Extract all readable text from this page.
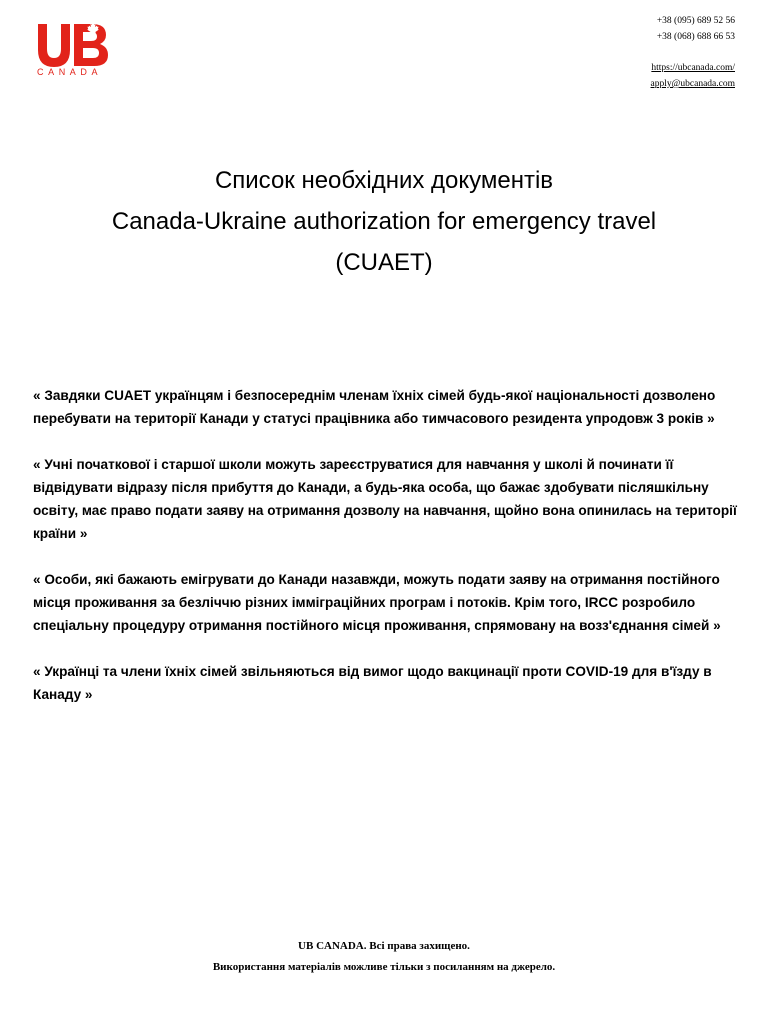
CANADA
+38 (095) 689 52 56
+38 (068) 688 66 53
https://ubcanada.com/
apply@ubcanada.com
Список необхідних документів
Canada-Ukraine authorization for emergency travel
(CUAET)

« Завдяки CUAET українцям і безпосереднім членам їхніх сімей будь-якої національності дозволено перебувати на території Канади у статусі працівника або тимчасового резидента упродовж 3 років »

« Учні початкової і старшої школи можуть зареєструватися для навчання у школі й починати її відвідувати відразу після прибуття до Канади, а будь-яка особа, що бажає здобувати післяшкільну освіту, має право подати заяву на отримання дозволу на навчання, щойно вона опинилась на території країни »

« Особи, які бажають емігрувати до Канади назавжди, можуть подати заяву на отримання постійного місця проживання за безліччю різних імміграційних програм і потоків. Крім того, IRCC розробило спеціальну процедуру отримання постійного місця проживання, спрямовану на возз'єднання сімей »

« Українці та члени їхніх сімей звільняються від вимог щодо вакцинації проти COVID-19 для в'їзду в Канаду »

UB CANADA. Всі права захищено.
Використання матеріалів можливе тільки з посиланням на джерело.
